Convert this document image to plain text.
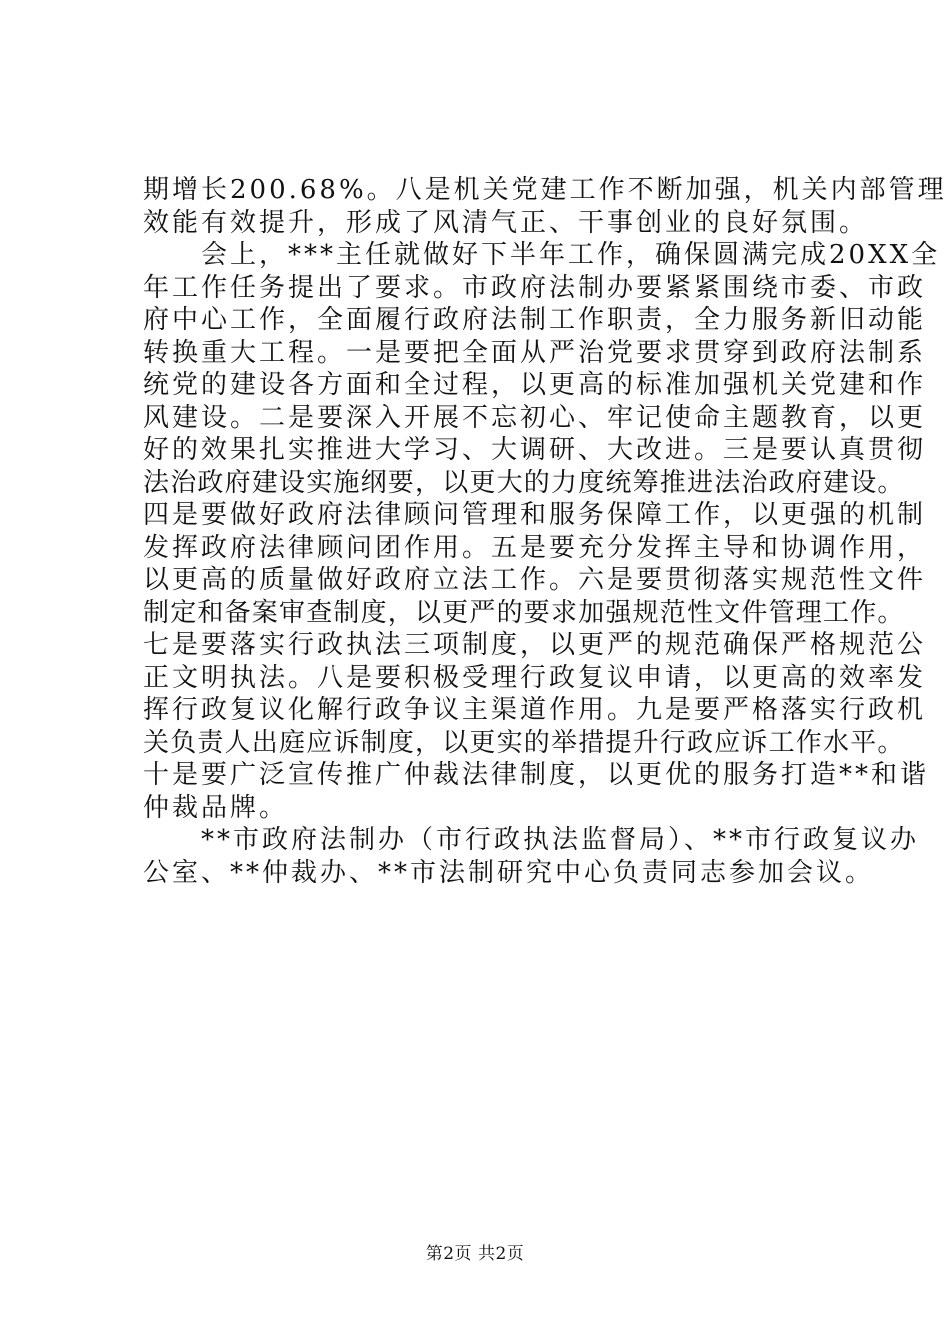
期增长200.68%。八是机关党建工作不断加强，机关内部管理
效能有效提升，形成了风清气正、干事创业的良好氛围。
　　会上，***主任就做好下半年工作，确保圆满完成20XX全
年工作任务提出了要求。市政府法制办要紧紧围绕市委、市政
府中心工作，全面履行政府法制工作职责，全力服务新旧动能
转换重大工程。一是要把全面从严治党要求贯穿到政府法制系
统党的建设各方面和全过程，以更高的标准加强机关党建和作
风建设。二是要深入开展不忘初心、牢记使命主题教育，以更
好的效果扎实推进大学习、大调研、大改进。三是要认真贯彻
法治政府建设实施纲要，以更大的力度统筹推进法治政府建设。
四是要做好政府法律顾问管理和服务保障工作，以更强的机制
发挥政府法律顾问团作用。五是要充分发挥主导和协调作用，
以更高的质量做好政府立法工作。六是要贯彻落实规范性文件
制定和备案审查制度，以更严的要求加强规范性文件管理工作。
七是要落实行政执法三项制度，以更严的规范确保严格规范公
正文明执法。八是要积极受理行政复议申请，以更高的效率发
挥行政复议化解行政争议主渠道作用。九是要严格落实行政机
关负责人出庭应诉制度，以更实的举措提升行政应诉工作水平。
十是要广泛宣传推广仲裁法律制度，以更优的服务打造**和谐
仲裁品牌。
　　**市政府法制办（市行政执法监督局）、**市行政复议办
公室、**仲裁办、**市法制研究中心负责同志参加会议。
第2页 共2页
